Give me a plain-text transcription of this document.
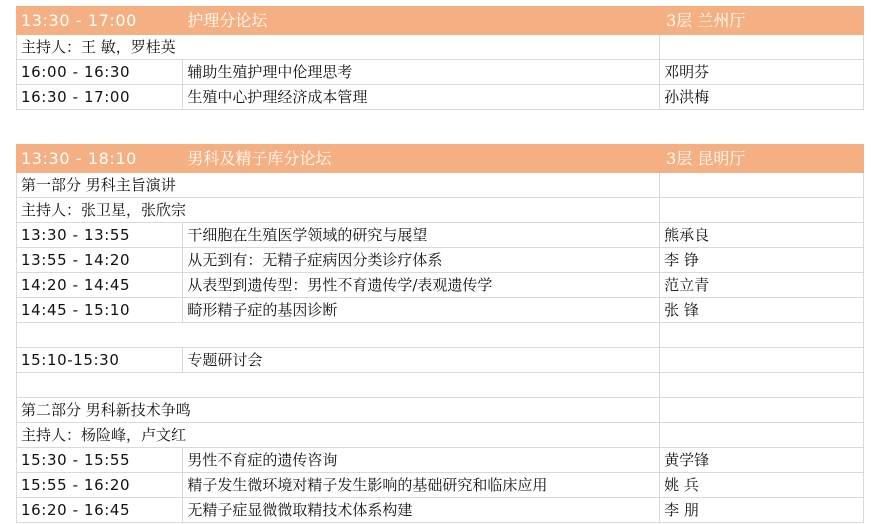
13:30 - 17:00	护理分论坛	3层 兰州厅
主持人：王 敏，罗桂英		
16:00 - 16:30	辅助生殖护理中伦理思考	邓明芬
16:30 - 17:00	生殖中心护理经济成本管理	孙洪梅
13:30 - 18:10	男科及精子库分论坛	3层 昆明厅
第一部分 男科主旨演讲		
主持人：张卫星，张欣宗		
13:30 - 13:55	干细胞在生殖医学领域的研究与展望	熊承良
13:55 - 14:20	从无到有：无精子症病因分类诊疗体系	李 铮
14:20 - 14:45	从表型到遗传型：男性不育遗传学/表观遗传学	范立青
14:45 - 15:10	畸形精子症的基因诊断	张 锋

15:10-15:30	专题研讨会	

第二部分 男科新技术争鸣		
主持人：杨险峰，卢文红		
15:30 - 15:55	男性不育症的遗传咨询	黄学锋
15:55 - 16:20	精子发生微环境对精子发生影响的基础研究和临床应用	姚 兵
16:20 - 16:45	无精子症显微微取精技术体系构建	李 朋
